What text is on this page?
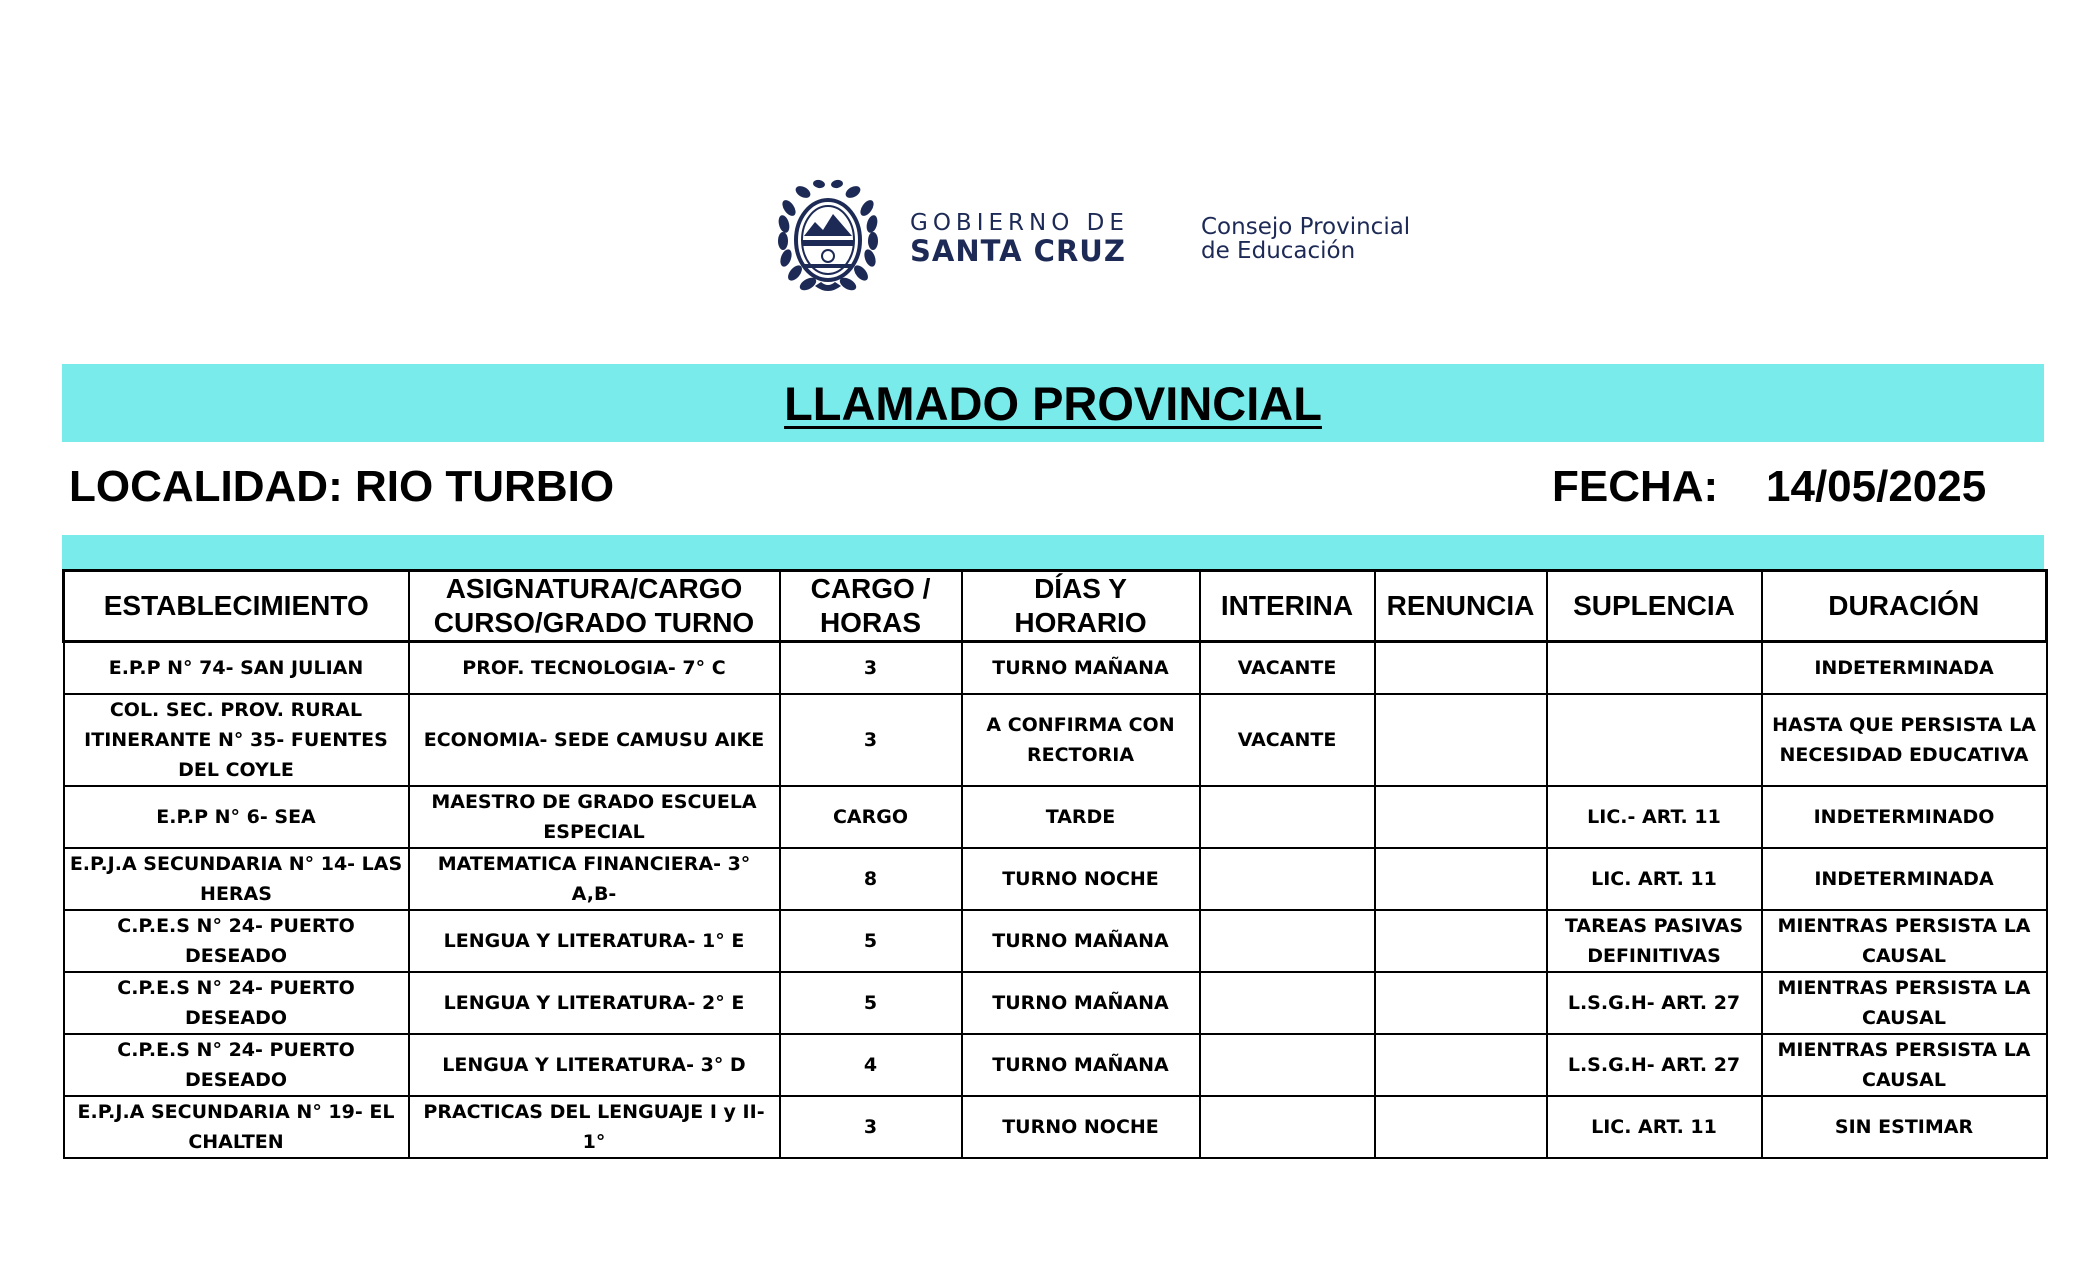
GOBIERNO DE
SANTA CRUZ
Consejo Provincial
de Educación
LLAMADO PROVINCIAL
LOCALIDAD: RIO TURBIO	FECHA: 14/05/2025
ESTABLECIMIENTO	ASIGNATURA/CARGO CURSO/GRADO TURNO	CARGO / HORAS	DÍAS Y HORARIO	INTERINA	RENUNCIA	SUPLENCIA	DURACIÓN
E.P.P N° 74- SAN JULIAN	PROF. TECNOLOGIA- 7° C	3	TURNO MAÑANA	VACANTE			INDETERMINADA
COL. SEC. PROV. RURAL ITINERANTE N° 35- FUENTES DEL COYLE	ECONOMIA- SEDE CAMUSU AIKE	3	A CONFIRMA CON RECTORIA	VACANTE			HASTA QUE PERSISTA LA NECESIDAD EDUCATIVA
E.P.P N° 6- SEA	MAESTRO DE GRADO ESCUELA ESPECIAL	CARGO	TARDE			LIC.- ART. 11	INDETERMINADO
E.P.J.A SECUNDARIA N° 14- LAS HERAS	MATEMATICA FINANCIERA- 3° A,B-	8	TURNO NOCHE			LIC. ART. 11	INDETERMINADA
C.P.E.S N° 24- PUERTO DESEADO	LENGUA Y LITERATURA- 1° E	5	TURNO MAÑANA			TAREAS PASIVAS DEFINITIVAS	MIENTRAS PERSISTA LA CAUSAL
C.P.E.S N° 24- PUERTO DESEADO	LENGUA Y LITERATURA- 2° E	5	TURNO MAÑANA			L.S.G.H- ART. 27	MIENTRAS PERSISTA LA CAUSAL
C.P.E.S N° 24- PUERTO DESEADO	LENGUA Y LITERATURA- 3° D	4	TURNO MAÑANA			L.S.G.H- ART. 27	MIENTRAS PERSISTA LA CAUSAL
E.P.J.A SECUNDARIA N° 19- EL CHALTEN	PRACTICAS DEL LENGUAJE I y II- 1°	3	TURNO NOCHE			LIC. ART. 11	SIN ESTIMAR
